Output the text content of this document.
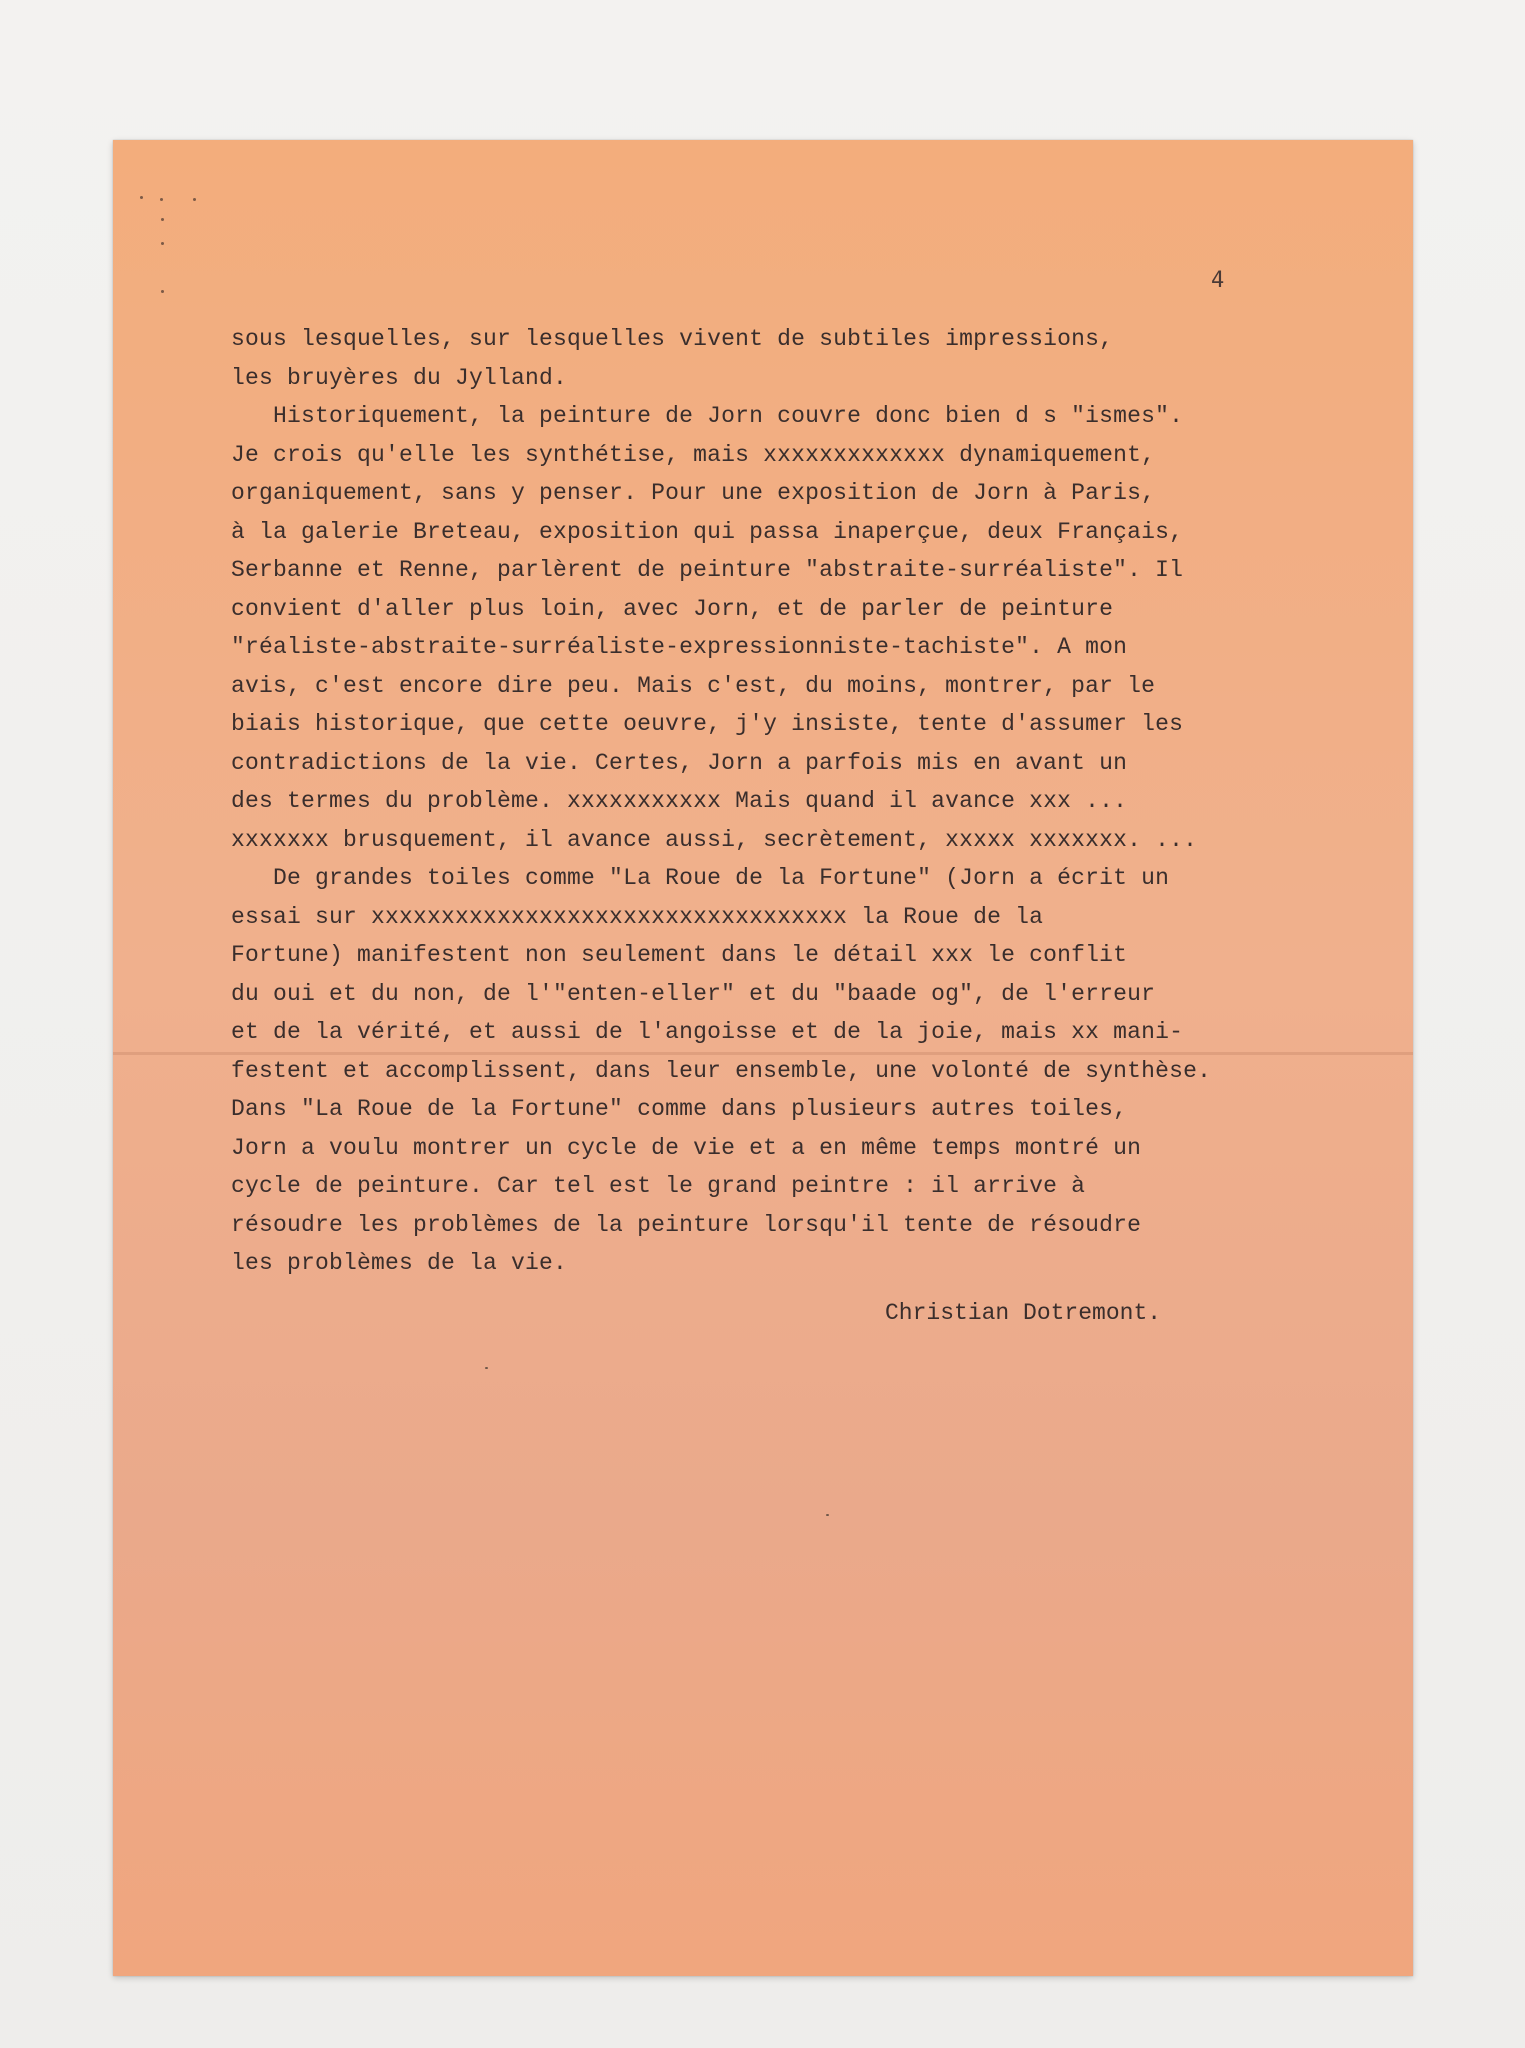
4
sous lesquelles, sur lesquelles vivent de subtiles impressions,
les bruyères du Jylland.
Historiquement, la peinture de Jorn couvre donc bien d s "ismes".
Je crois qu'elle les synthétise, mais xxxxxxxxxxxxx dynamiquement,
organiquement, sans y penser. Pour une exposition de Jorn à Paris,
à la galerie Breteau, exposition qui passa inaperçue, deux Français,
Serbanne et Renne, parlèrent de peinture "abstraite-surréaliste". Il
convient d'aller plus loin, avec Jorn, et de parler de peinture
"réaliste-abstraite-surréaliste-expressionniste-tachiste". A mon
avis, c'est encore dire peu. Mais c'est, du moins, montrer, par le
biais historique, que cette oeuvre, j'y insiste, tente d'assumer les
contradictions de la vie. Certes, Jorn a parfois mis en avant un
des termes du problème. xxxxxxxxxxx Mais quand il avance xxx ...
xxxxxxx brusquement, il avance aussi, secrètement, xxxxx xxxxxxx. ...
De grandes toiles comme "La Roue de la Fortune" (Jorn a écrit un
essai sur xxxxxxxxxxxxxxxxxxxxxxxxxxxxxxxxxx la Roue de la
Fortune) manifestent non seulement dans le détail xxx le conflit
du oui et du non, de l'"enten-eller" et du "baade og", de l'erreur
et de la vérité, et aussi de l'angoisse et de la joie, mais xx mani-
festent et accomplissent, dans leur ensemble, une volonté de synthèse.
Dans "La Roue de la Fortune" comme dans plusieurs autres toiles,
Jorn a voulu montrer un cycle de vie et a en même temps montré un
cycle de peinture. Car tel est le grand peintre : il arrive à
résoudre les problèmes de la peinture lorsqu'il tente de résoudre
les problèmes de la vie.
Christian Dotremont.
